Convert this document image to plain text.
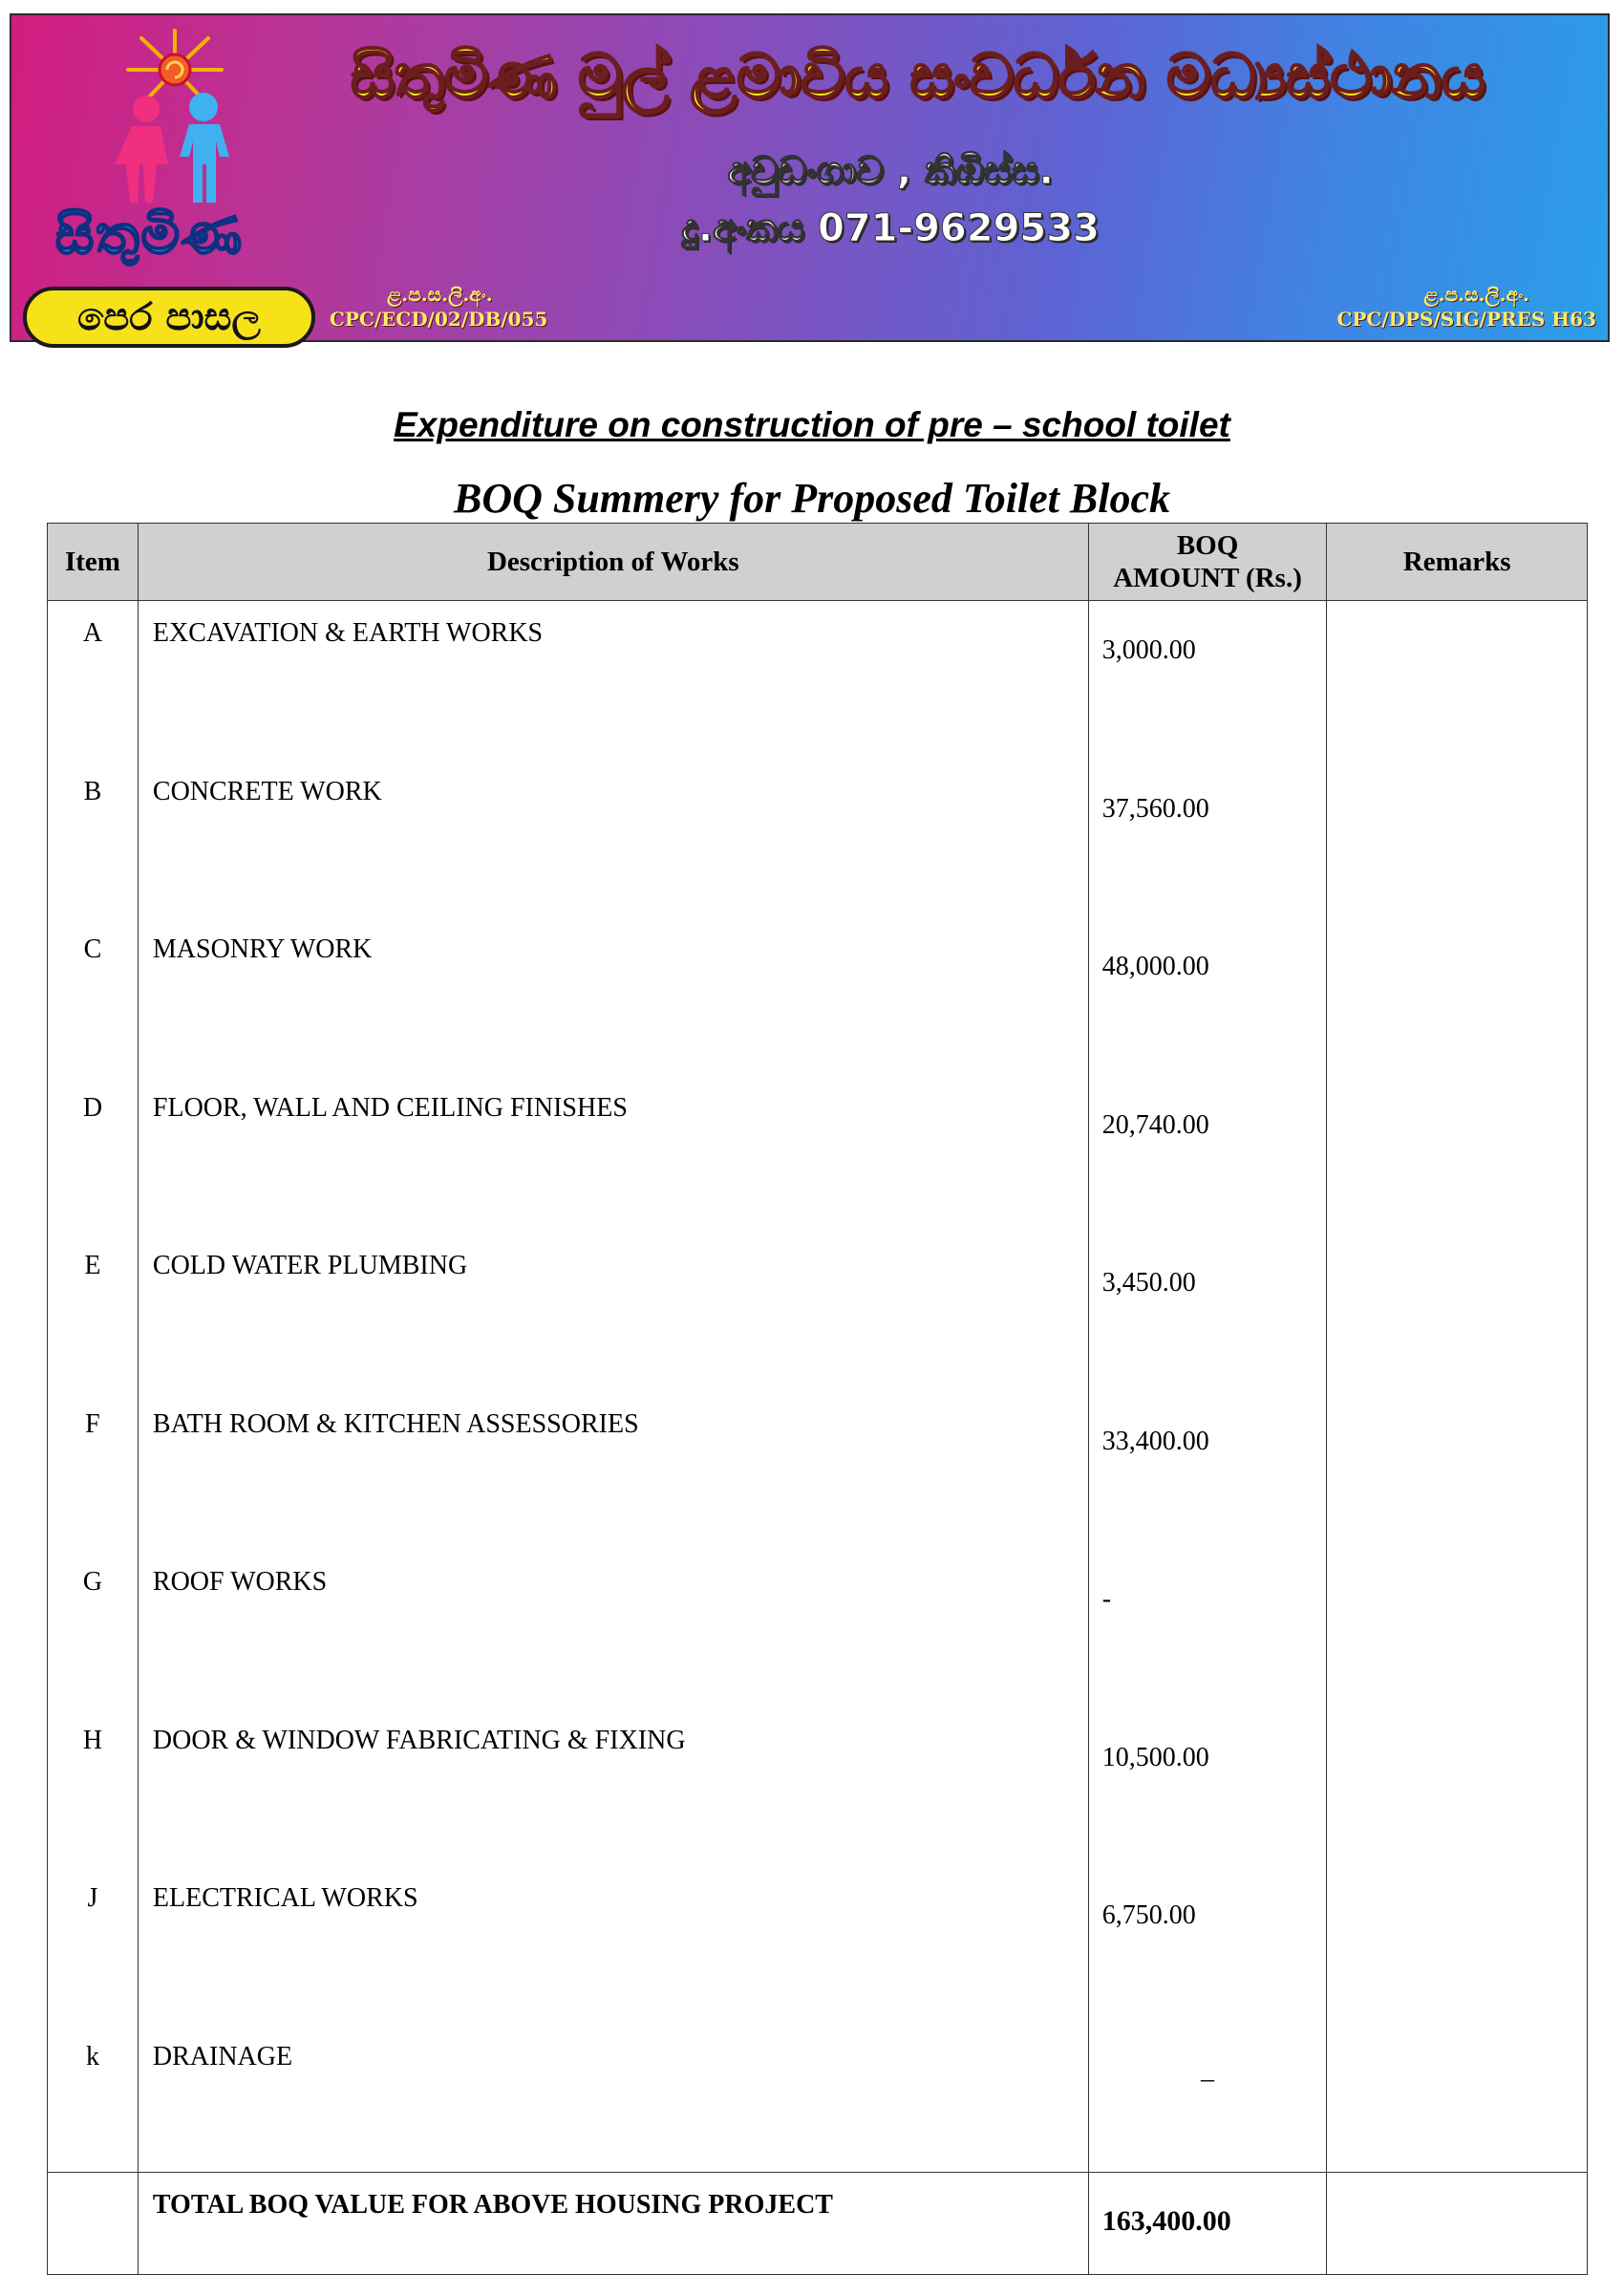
සිතුමිණ
පෙර පාසල
සිතුමිණ මුල් ළමාවිය සංවර්ධන මධ්‍යස්ථානය
අවුඩංගාව , කිඹිස්ස.
දු.අංකය 071-9629533
ළ.ප.ස.ලි.අං.
CPC/ECD/02/DB/055
ළ.ප.ස.ලි.අං.
CPC/DPS/SIG/PRES H63
Expenditure on construction of pre – school toilet
BOQ Summery for Proposed Toilet Block
Item	Description of Works	BOQ
AMOUNT (Rs.)	Remarks
A	EXCAVATION & EARTH WORKS	3,000.00	
B	CONCRETE WORK	37,560.00	
C	MASONRY WORK	48,000.00	
D	FLOOR, WALL AND CEILING FINISHES	20,740.00	
E	COLD WATER PLUMBING	3,450.00	
F	BATH ROOM & KITCHEN ASSESSORIES	33,400.00	
G	ROOF WORKS	-	
H	DOOR & WINDOW FABRICATING & FIXING	10,500.00	
J	ELECTRICAL WORKS	6,750.00	
k	DRAINAGE	_	
	TOTAL BOQ VALUE FOR ABOVE HOUSING PROJECT	163,400.00	
